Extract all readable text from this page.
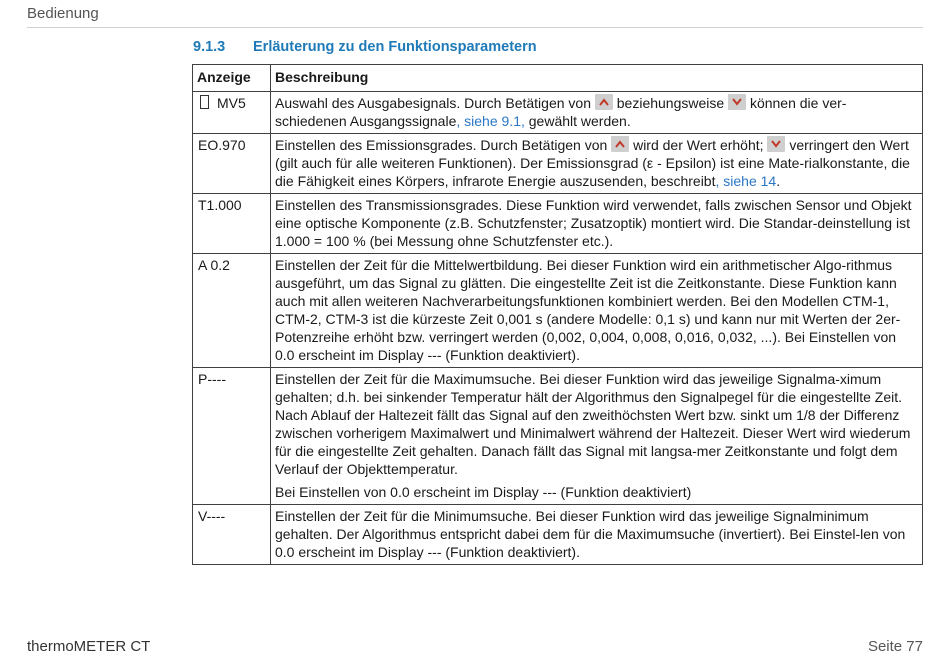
Bedienung
9.1.3 Erläuterung zu den Funktionsparametern
Anzeige	Beschreibung
MV5	Auswahl des Ausgabesignals. Durch Betätigen von
beziehungsweise
können die ver-schiedenen Ausgangssignale, siehe 9.1, gewählt werden.
EO.970	Einstellen des Emissionsgrades. Durch Betätigen von
wird der Wert erhöht;
verringert den Wert (gilt auch für alle weiteren Funktionen). Der Emissionsgrad (ε - Epsilon) ist eine Mate-rialkonstante, die die Fähigkeit eines Körpers, infrarote Energie auszusenden, beschreibt, siehe 14.
T1.000	Einstellen des Transmissionsgrades. Diese Funktion wird verwendet, falls zwischen Sensor und Objekt eine optische Komponente (z.B. Schutzfenster; Zusatzoptik) montiert wird. Die Standar-deinstellung ist 1.000 = 100 % (bei Messung ohne Schutzfenster etc.).
A 0.2	Einstellen der Zeit für die Mittelwertbildung. Bei dieser Funktion wird ein arithmetischer Algo-rithmus ausgeführt, um das Signal zu glätten. Die eingestellte Zeit ist die Zeitkonstante. Diese Funktion kann auch mit allen weiteren Nachverarbeitungsfunktionen kombiniert werden. Bei den Modellen CTM-1, CTM-2, CTM-3 ist die kürzeste Zeit 0,001 s (andere Modelle: 0,1 s) und kann nur mit Werten der 2er-Potenzreihe erhöht bzw. verringert werden (0,002, 0,004, 0,008, 0,016, 0,032, ...). Bei Einstellen von 0.0 erscheint im Display --- (Funktion deaktiviert).
P----	Einstellen der Zeit für die Maximumsuche. Bei dieser Funktion wird das jeweilige Signalma-ximum gehalten; d.h. bei sinkender Temperatur hält der Algorithmus den Signalpegel für die eingestellte Zeit. Nach Ablauf der Haltezeit fällt das Signal auf den zweithöchsten Wert bzw. sinkt um 1/8 der Differenz zwischen vorherigem Maximalwert und Minimalwert während der Haltezeit. Dieser Wert wird wiederum für die eingestellte Zeit gehalten. Danach fällt das Signal mit langsa-mer Zeitkonstante und folgt dem Verlauf der Objekttemperatur.

Bei Einstellen von 0.0 erscheint im Display --- (Funktion deaktiviert)

V----	Einstellen der Zeit für die Minimumsuche. Bei dieser Funktion wird das jeweilige Signalminimum gehalten. Der Algorithmus entspricht dabei dem für die Maximumsuche (invertiert). Bei Einstel-len von 0.0 erscheint im Display --- (Funktion deaktiviert).
thermoMETER CT	Seite 77
